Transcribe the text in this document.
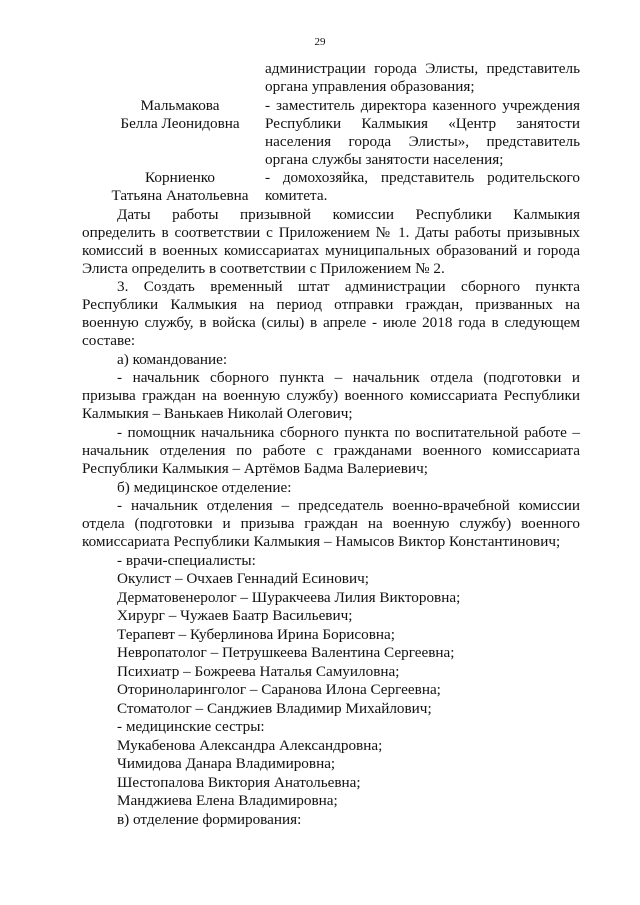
29
администрации города Элисты, представитель
органа управления образования;
Мальмакова
Белла Леонидовна
- заместитель директора казенного учреждения
Республики Калмыкия «Центр занятости
населения города Элисты», представитель
органа службы занятости населения;
Корниенко
Татьяна Анатольевна
- домохозяйка, представитель родительского
комитета.
Даты работы призывной комиссии Республики Калмыкия
определить в соответствии с Приложением № 1. Даты работы призывных
комиссий в военных комиссариатах муниципальных образований и города
Элиста определить в соответствии с Приложением № 2.
3. Создать временный штат администрации сборного пункта
Республики Калмыкия на период отправки граждан, призванных на
военную службу, в войска (силы) в апреле - июле 2018 года в следующем
составе:
а) командование:
- начальник сборного пункта – начальник отдела (подготовки и
призыва граждан на военную службу) военного комиссариата Республики
Калмыкия – Ванькаев Николай Олегович;
- помощник начальника сборного пункта по воспитательной работе –
начальник отделения по работе с гражданами военного комиссариата
Республики Калмыкия – Артёмов Бадма Валериевич;
б) медицинское отделение:
- начальник отделения – председатель военно-врачебной комиссии
отдела (подготовки и призыва граждан на военную службу) военного
комиссариата Республики Калмыкия – Намысов Виктор Константинович;
- врачи-специалисты:
Окулист – Очхаев Геннадий Есинович;
Дерматовенеролог – Шуракчеева Лилия Викторовна;
Хирург – Чужаев Баатр Васильевич;
Терапевт – Куберлинова Ирина Борисовна;
Невропатолог – Петрушкеева Валентина Сергеевна;
Психиатр – Божреева Наталья Самуиловна;
Оториноларинголог – Саранова Илона Сергеевна;
Стоматолог – Санджиев Владимир Михайлович;
- медицинские сестры:
Мукабенова Александра Александровна;
Чимидова Данара Владимировна;
Шестопалова Виктория Анатольевна;
Манджиева Елена Владимировна;
в) отделение формирования:
